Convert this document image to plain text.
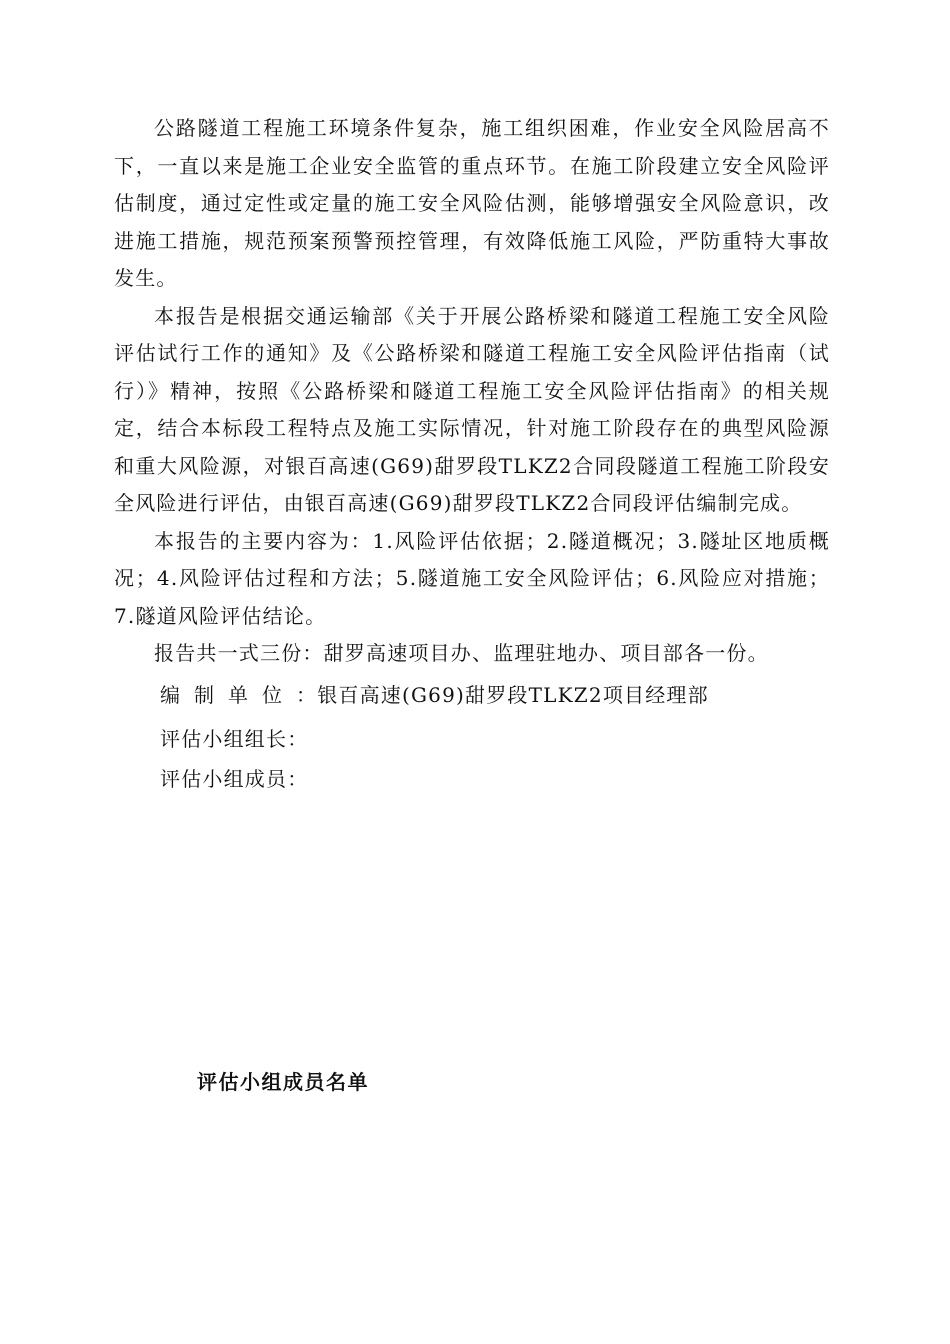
公路隧道工程施工环境条件复杂，施工组织困难，作业安全风险居高不下，一直以来是施工企业安全监管的重点环节。在施工阶段建立安全风险评估制度，通过定性或定量的施工安全风险估测，能够增强安全风险意识，改进施工措施，规范预案预警预控管理，有效降低施工风险，严防重特大事故发生。

本报告是根据交通运输部《关于开展公路桥梁和隧道工程施工安全风险评估试行工作的通知》及《公路桥梁和隧道工程施工安全风险评估指南（试行）》精神，按照《公路桥梁和隧道工程施工安全风险评估指南》的相关规定，结合本标段工程特点及施工实际情况，针对施工阶段存在的典型风险源和重大风险源，对银百高速(G69)甜罗段TLKZ2合同段隧道工程施工阶段安全风险进行评估，由银百高速(G69)甜罗段TLKZ2合同段评估编制完成。

本报告的主要内容为：1.风险评估依据；2.隧道概况；3.隧址区地质概况；4.风险评估过程和方法；5.隧道施工安全风险评估；6.风险应对措施；7.隧道风险评估结论。

报告共一式三份：甜罗高速项目办、监理驻地办、项目部各一份。

编制单位：银百高速(G69)甜罗段TLKZ2项目经理部

评估小组组长：

评估小组成员：

评估小组成员名单
